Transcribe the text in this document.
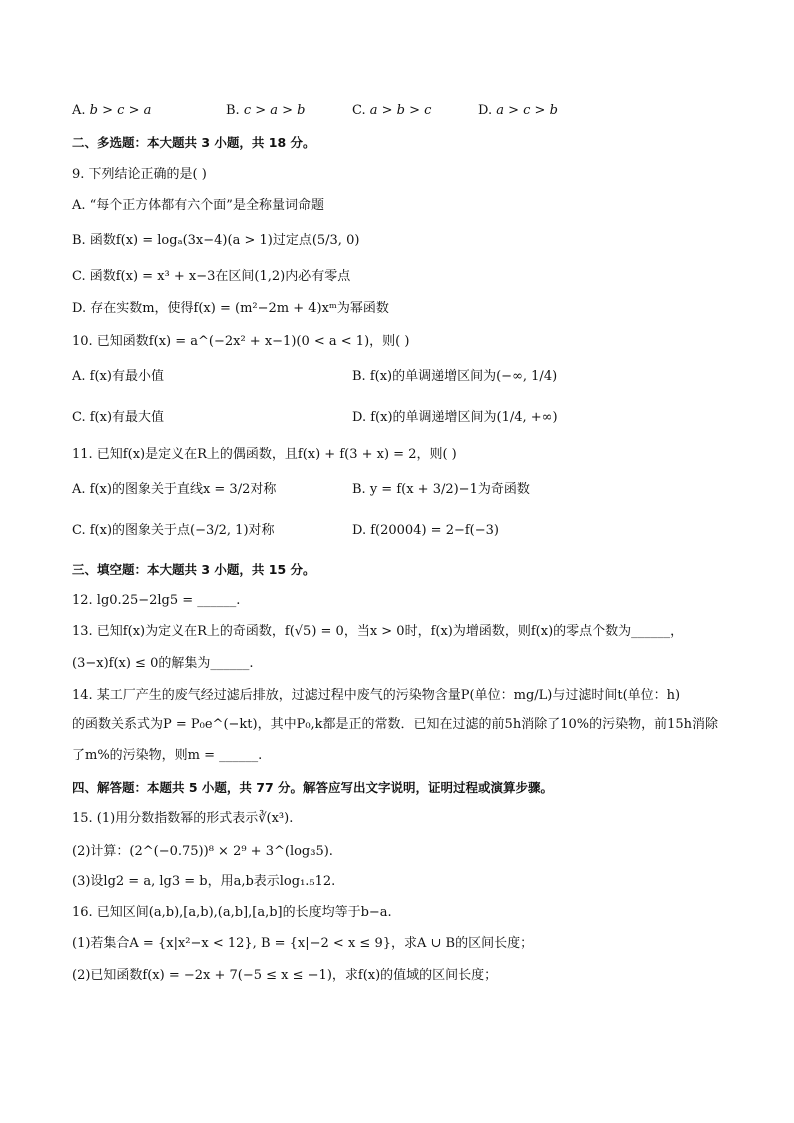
A. b > c > a	B. c > a > b	C. a > b > c	D. a > c > b
二、多选题：本大题共 3 小题，共 18 分。
9. 下列结论正确的是( )
A. “每个正方体都有六个面”是全称量词命题
B. 函数f(x) = logₐ(3x−4)(a > 1)过定点(5/3, 0)
C. 函数f(x) = x³ + x−3在区间(1,2)内必有零点
D. 存在实数m，使得f(x) = (m²−2m + 4)xᵐ为幂函数
10. 已知函数f(x) = a^(−2x² + x−1)(0 < a < 1)，则( )
A. f(x)有最小值	B. f(x)的单调递增区间为(−∞, 1/4)
C. f(x)有最大值	D. f(x)的单调递增区间为(1/4, +∞)
11. 已知f(x)是定义在R上的偶函数，且f(x) + f(3 + x) = 2，则( )
A. f(x)的图象关于直线x = 3/2对称	B. y = f(x + 3/2)−1为奇函数
C. f(x)的图象关于点(−3/2, 1)对称	D. f(20004) = 2−f(−3)
三、填空题：本大题共 3 小题，共 15 分。
12. lg0.25−2lg5 = ______.
13. 已知f(x)为定义在R上的奇函数，f(√5) = 0，当x > 0时，f(x)为增函数，则f(x)的零点个数为______，
(3−x)f(x) ≤ 0的解集为______.
14. 某工厂产生的废气经过滤后排放，过滤过程中废气的污染物含量P(单位：mg/L)与过滤时间t(单位：h)
的函数关系式为P = P₀e^(−kt)，其中P₀,k都是正的常数．已知在过滤的前5h消除了10%的污染物，前15h消除
了m%的污染物，则m = ______.
四、解答题：本题共 5 小题，共 77 分。解答应写出文字说明，证明过程或演算步骤。
15. (1)用分数指数幂的形式表示∛(x³).
(2)计算：(2^(−0.75))⁸ × 2⁹ + 3^(log₃5).
(3)设lg2 = a, lg3 = b，用a,b表示log₁.₅12.
16. 已知区间(a,b),[a,b),(a,b],[a,b]的长度均等于b−a.
(1)若集合A = {x|x²−x < 12}, B = {x|−2 < x ≤ 9}，求A ∪ B的区间长度；
(2)已知函数f(x) = −2x + 7(−5 ≤ x ≤ −1)，求f(x)的值域的区间长度；
